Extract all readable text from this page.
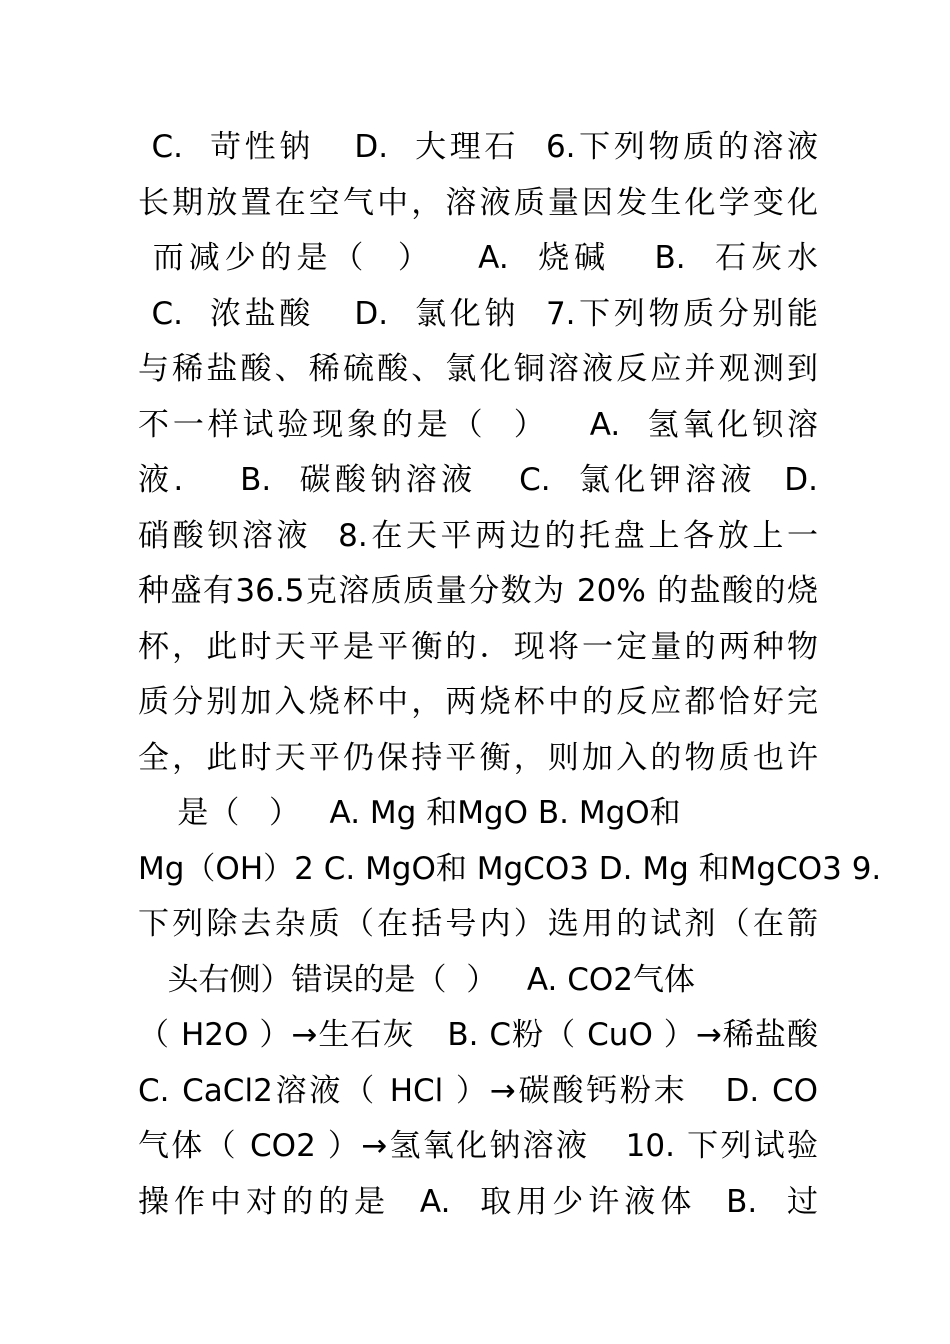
C.  苛性钠   D.  大理石  6.下列物质的溶液
长期放置在空气中，溶液质量因发生化学变化
而减少的是（  ）   A.  烧碱   B.  石灰水
C.  浓盐酸   D.  氯化钠  7.下列物质分别能
与稀盐酸、稀硫酸、氯化铜溶液反应并观测到
不一样试验现象的是（  ）   A.  氢氧化钡溶
液.    B.  碳酸钠溶液   C.  氯化钾溶液  D.
硝酸钡溶液  8.在天平两边的托盘上各放上一
种盛有36.5克溶质质量分数为 20% 的盐酸的烧
杯，此时天平是平衡的．现将一定量的两种物
质分别加入烧杯中，两烧杯中的反应都恰好完
全，此时天平仍保持平衡，则加入的物质也许
是（   ）   A. Mg 和MgO B. MgO和
Mg（OH）2 C. MgO和 MgCO3 D. Mg 和MgCO3 9.
下列除去杂质（在括号内）选用的试剂（在箭
头右侧）错误的是（  ）   A. CO2气体
（ H2O ）→生石灰   B. C粉（ CuO ）→稀盐酸
C. CaCl2溶液（ HCl ）→碳酸钙粉末   D. CO
气体（ CO2 ）→氢氧化钠溶液   10. 下列试验
操作中对的的是  A.  取用少许液体  B.  过
